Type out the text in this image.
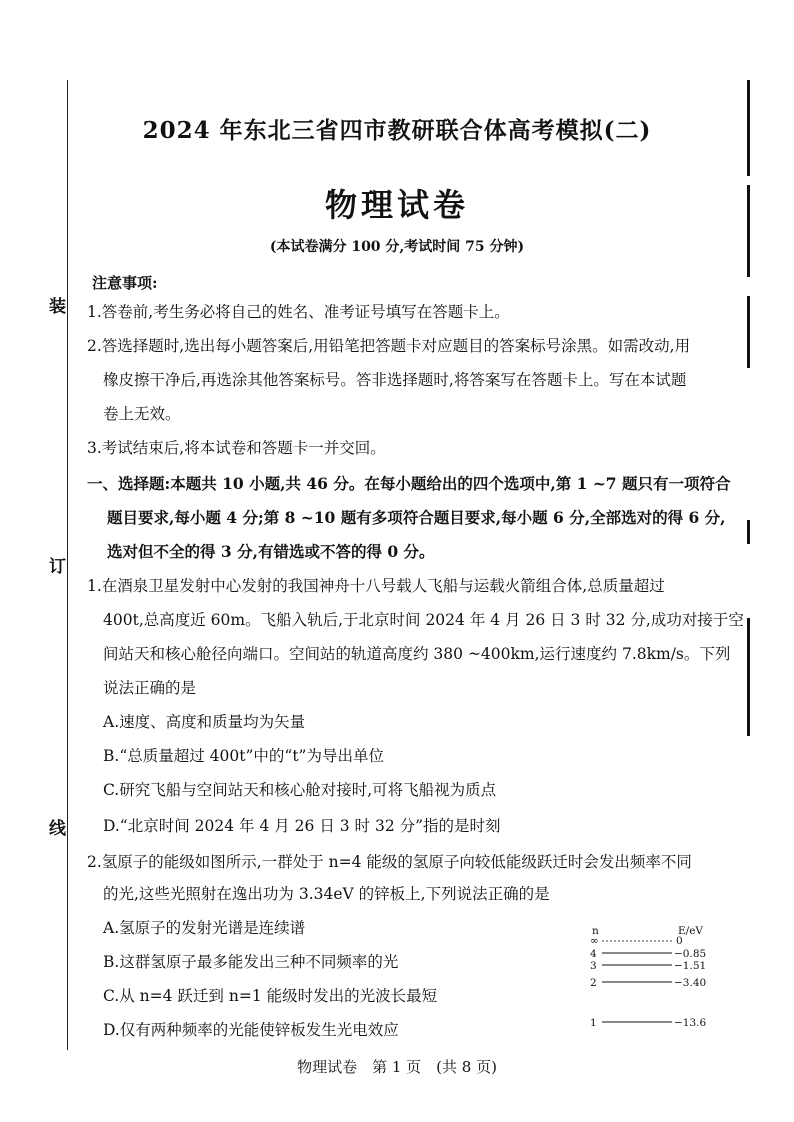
装
订
线
2024 年东北三省四市教研联合体高考模拟(二)
物理试卷
(本试卷满分 100 分,考试时间 75 分钟)
注意事项:
1.答卷前,考生务必将自己的姓名、准考证号填写在答题卡上。
2.答选择题时,选出每小题答案后,用铅笔把答题卡对应题目的答案标号涂黑。如需改动,用
橡皮擦干净后,再选涂其他答案标号。答非选择题时,将答案写在答题卡上。写在本试题
卷上无效。
3.考试结束后,将本试卷和答题卡一并交回。
一、选择题:本题共 10 小题,共 46 分。在每小题给出的四个选项中,第 1 ~7 题只有一项符合
题目要求,每小题 4 分;第 8 ~10 题有多项符合题目要求,每小题 6 分,全部选对的得 6 分,
选对但不全的得 3 分,有错选或不答的得 0 分。
1.在酒泉卫星发射中心发射的我国神舟十八号载人飞船与运载火箭组合体,总质量超过
400t,总高度近 60m。飞船入轨后,于北京时间 2024 年 4 月 26 日 3 时 32 分,成功对接于空
间站天和核心舱径向端口。空间站的轨道高度约 380 ~400km,运行速度约 7.8km/s。下列
说法正确的是
A.速度、高度和质量均为矢量
B.“总质量超过 400t”中的“t”为导出单位
C.研究飞船与空间站天和核心舱对接时,可将飞船视为质点
D.“北京时间 2024 年 4 月 26 日 3 时 32 分”指的是时刻
2.氢原子的能级如图所示,一群处于 n=4 能级的氢原子向较低能级跃迁时会发出频率不同
的光,这些光照射在逸出功为 3.34eV 的锌板上,下列说法正确的是
A.氢原子的发射光谱是连续谱
B.这群氢原子最多能发出三种不同频率的光
C.从 n=4 跃迁到 n=1 能级时发出的光波长最短
D.仅有两种频率的光能使锌板发生光电效应
n	E/eV
∞	0
4	−0.85
3	−1.51
2	−3.40
1	−13.6
物理试卷　第 1 页　(共 8 页)
